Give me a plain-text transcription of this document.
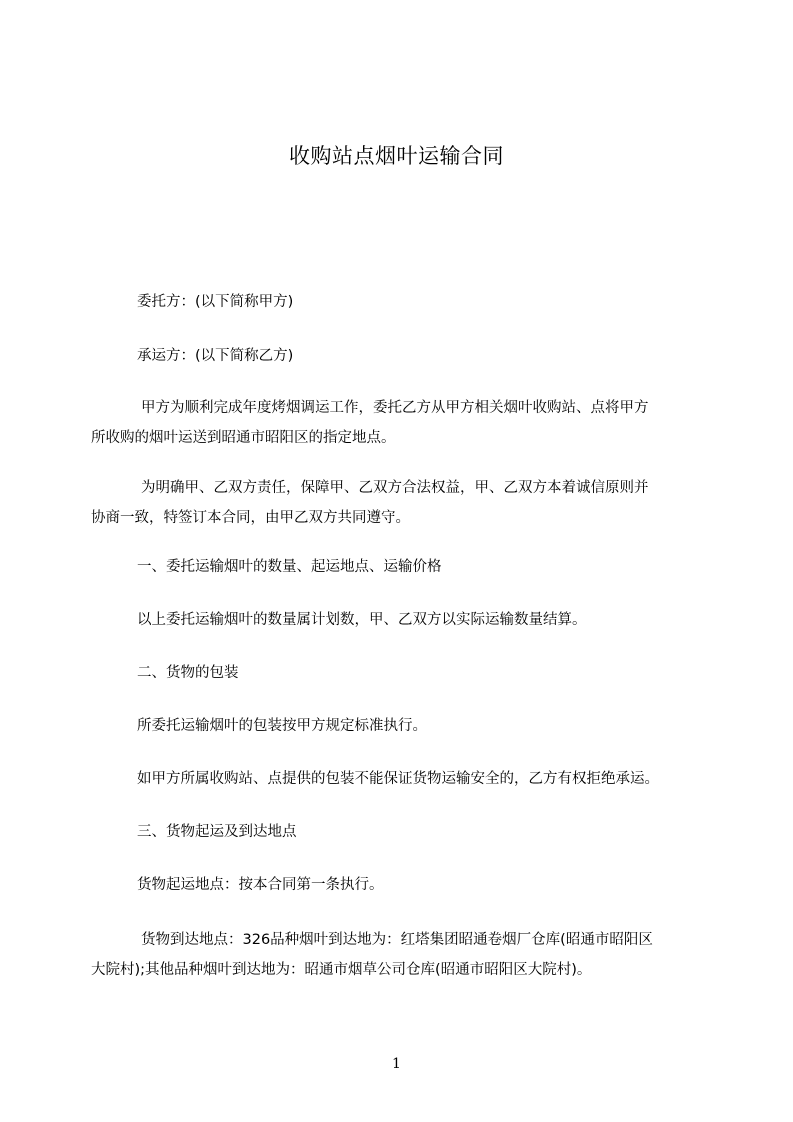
收购站点烟叶运输合同
委托方：(以下简称甲方)
承运方：(以下简称乙方)
甲方为顺利完成年度烤烟调运工作，委托乙方从甲方相关烟叶收购站、点将甲方
所收购的烟叶运送到昭通市昭阳区的指定地点。
为明确甲、乙双方责任，保障甲、乙双方合法权益，甲、乙双方本着诚信原则并
协商一致，特签订本合同，由甲乙双方共同遵守。
一、委托运输烟叶的数量、起运地点、运输价格
以上委托运输烟叶的数量属计划数，甲、乙双方以实际运输数量结算。
二、货物的包装
所委托运输烟叶的包装按甲方规定标准执行。
如甲方所属收购站、点提供的包装不能保证货物运输安全的，乙方有权拒绝承运。
三、货物起运及到达地点
货物起运地点：按本合同第一条执行。
货物到达地点：326品种烟叶到达地为：红塔集团昭通卷烟厂仓库(昭通市昭阳区
大院村);其他品种烟叶到达地为：昭通市烟草公司仓库(昭通市昭阳区大院村)。
1
